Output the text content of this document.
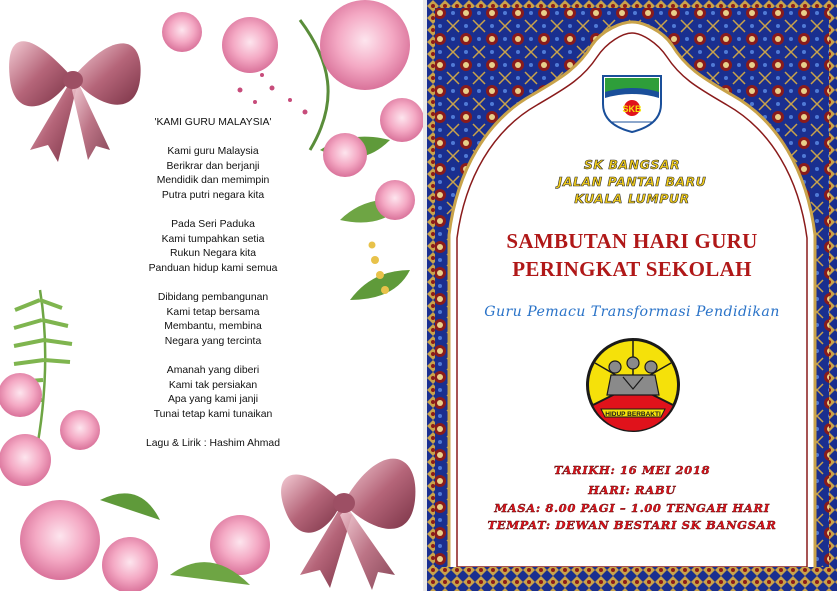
'KAMI GURU MALAYSIA'
Kami guru Malaysia
Berikrar dan berjanji
Mendidik dan memimpin
Putra putri negara kita
Pada Seri Paduka
Kami tumpahkan setia
Rukun Negara kita
Panduan hidup kami semua
Dibidang pembangunan
Kami tetap bersama
Membantu, membina
Negara yang tercinta
Amanah yang diberi
Kami tak persiakan
Apa yang kami janji
Tunai tetap kami tunaikan
Lagu & Lirik : Hashim Ahmad
SKB
HIDUP BERBAKTI
SK BANGSAR
JALAN PANTAI BARU
KUALA LUMPUR
SAMBUTAN HARI GURU
PERINGKAT SEKOLAH
Guru Pemacu Transformasi Pendidikan
TARIKH: 16 MEI 2018
HARI: RABU
MASA: 8.00 PAGI – 1.00 TENGAH HARI
TEMPAT: DEWAN BESTARI SK BANGSAR
